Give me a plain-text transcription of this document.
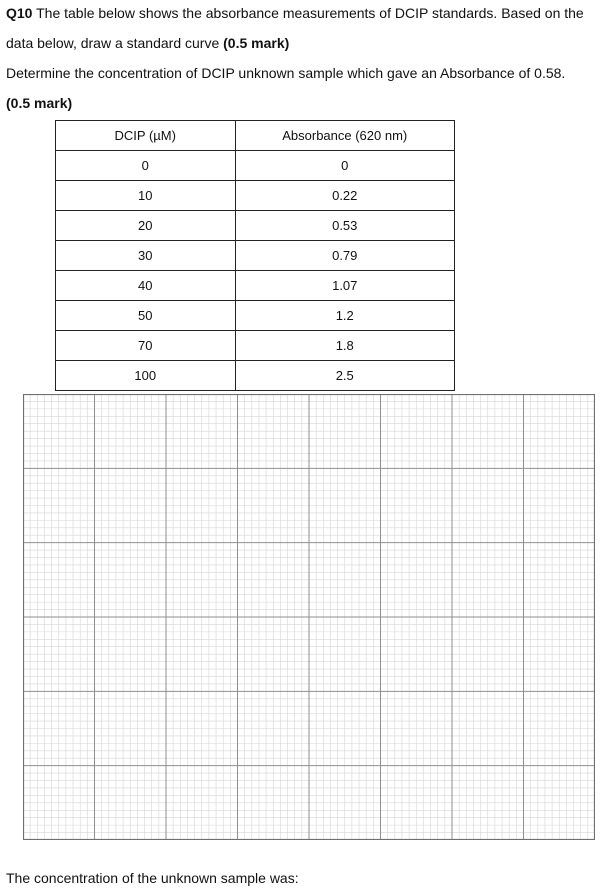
Q10 The table below shows the absorbance measurements of DCIP standards. Based on the
data below, draw a standard curve (0.5 mark)
Determine the concentration of DCIP unknown sample which gave an Absorbance of 0.58.
(0.5 mark)
DCIP (µM)	Absorbance (620 nm)
0	0
10	0.22
20	0.53
30	0.79
40	1.07
50	1.2
70	1.8
100	2.5
The concentration of the unknown sample was:
